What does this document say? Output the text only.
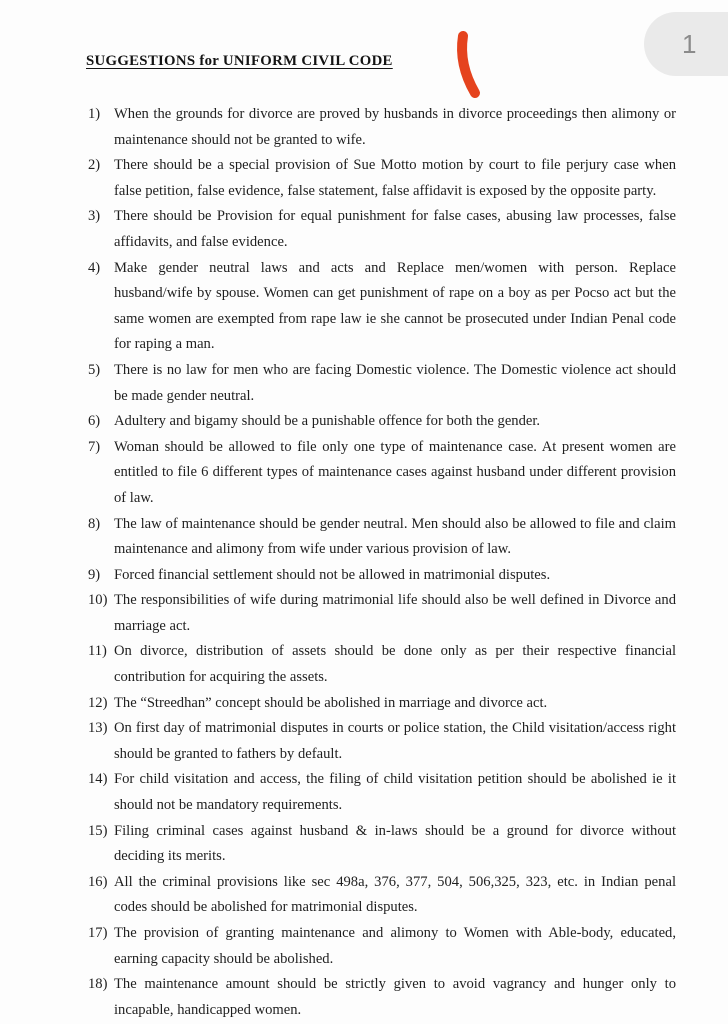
1
SUGGESTIONS for UNIFORM CIVIL CODE
1) When the grounds for divorce are proved by husbands in divorce proceedings then alimony or maintenance should not be granted to wife.
2) There should be a special provision of Sue Motto motion by court to file perjury case when false petition, false evidence, false statement, false affidavit is exposed by the opposite party.
3) There should be Provision for equal punishment for false cases, abusing law processes, false affidavits, and false evidence.
4) Make gender neutral laws and acts and Replace men/women with person. Replace husband/wife by spouse. Women can get punishment of rape on a boy as per Pocso act but the same women are exempted from rape law ie she cannot be prosecuted under Indian Penal code for raping a man.
5) There is no law for men who are facing Domestic violence. The Domestic violence act should be made gender neutral.
6) Adultery and bigamy should be a punishable offence for both the gender.
7) Woman should be allowed to file only one type of maintenance case. At present women are entitled to file 6 different types of maintenance cases against husband under different provision of law.
8) The law of maintenance should be gender neutral. Men should also be allowed to file and claim maintenance and alimony from wife under various provision of law.
9) Forced financial settlement should not be allowed in matrimonial disputes.
10) The responsibilities of wife during matrimonial life should also be well defined in Divorce and marriage act.
11) On divorce, distribution of assets should be done only as per their respective financial contribution for acquiring the assets.
12) The “Streedhan” concept should be abolished in marriage and divorce act.
13) On first day of matrimonial disputes in courts or police station, the Child visitation/access right should be granted to fathers by default.
14) For child visitation and access, the filing of child visitation petition should be abolished ie it should not be mandatory requirements.
15) Filing criminal cases against husband & in-laws should be a ground for divorce without deciding its merits.
16) All the criminal provisions like sec 498a, 376, 377, 504, 506,325, 323, etc. in Indian penal codes should be abolished for matrimonial disputes.
17) The provision of granting maintenance and alimony to Women with Able-body, educated, earning capacity should be abolished.
18) The maintenance amount should be strictly given to avoid vagrancy and hunger only to incapable, handicapped women.
